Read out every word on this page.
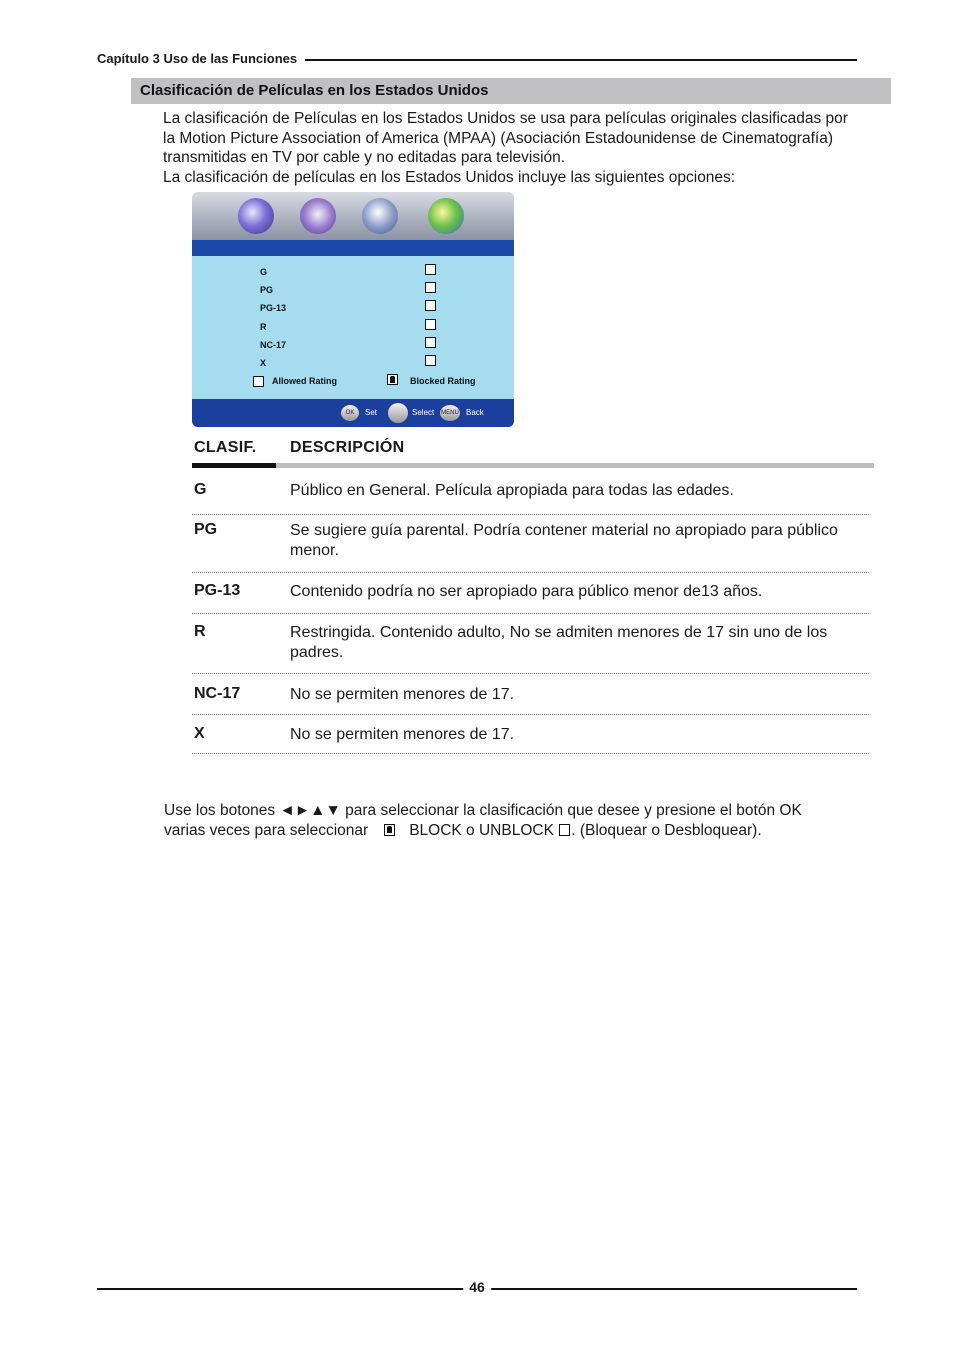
Capítulo 3 Uso de las Funciones
Clasificación de Películas en los Estados Unidos

La clasificación de Películas en los Estados Unidos se usa para películas originales clasificadas por

la Motion Picture Association of America (MPAA) (Asociación Estadounidense de Cinematografía)

transmitidas en TV por cable y no editadas para televisión.

La clasificación de películas en los Estados Unidos incluye las siguientes opciones:

G
PG
PG-13
R
NC-17
X
Allowed Rating	Blocked Rating
OK	Set	Select MENU Back
CLASIF. DESCRIPCIÓN
G	Público en General. Película apropiada para todas las edades.
PG	Se sugiere guía parental. Podría contener material no apropiado para público menor.
PG-13	Contenido podría no ser apropiado para público menor de13 años.
R	Restringida. Contenido adulto, No se admiten menores de 17 sin uno de los padres.
NC-17	No se permiten menores de 17.
X	No se permiten menores de 17.

Use los botones ◄►▲▼ para seleccionar la clasificación que desee y presione el botón OK

varias veces para seleccionar	BLOCK o UNBLOCK . (Bloquear o Desbloquear).

46
